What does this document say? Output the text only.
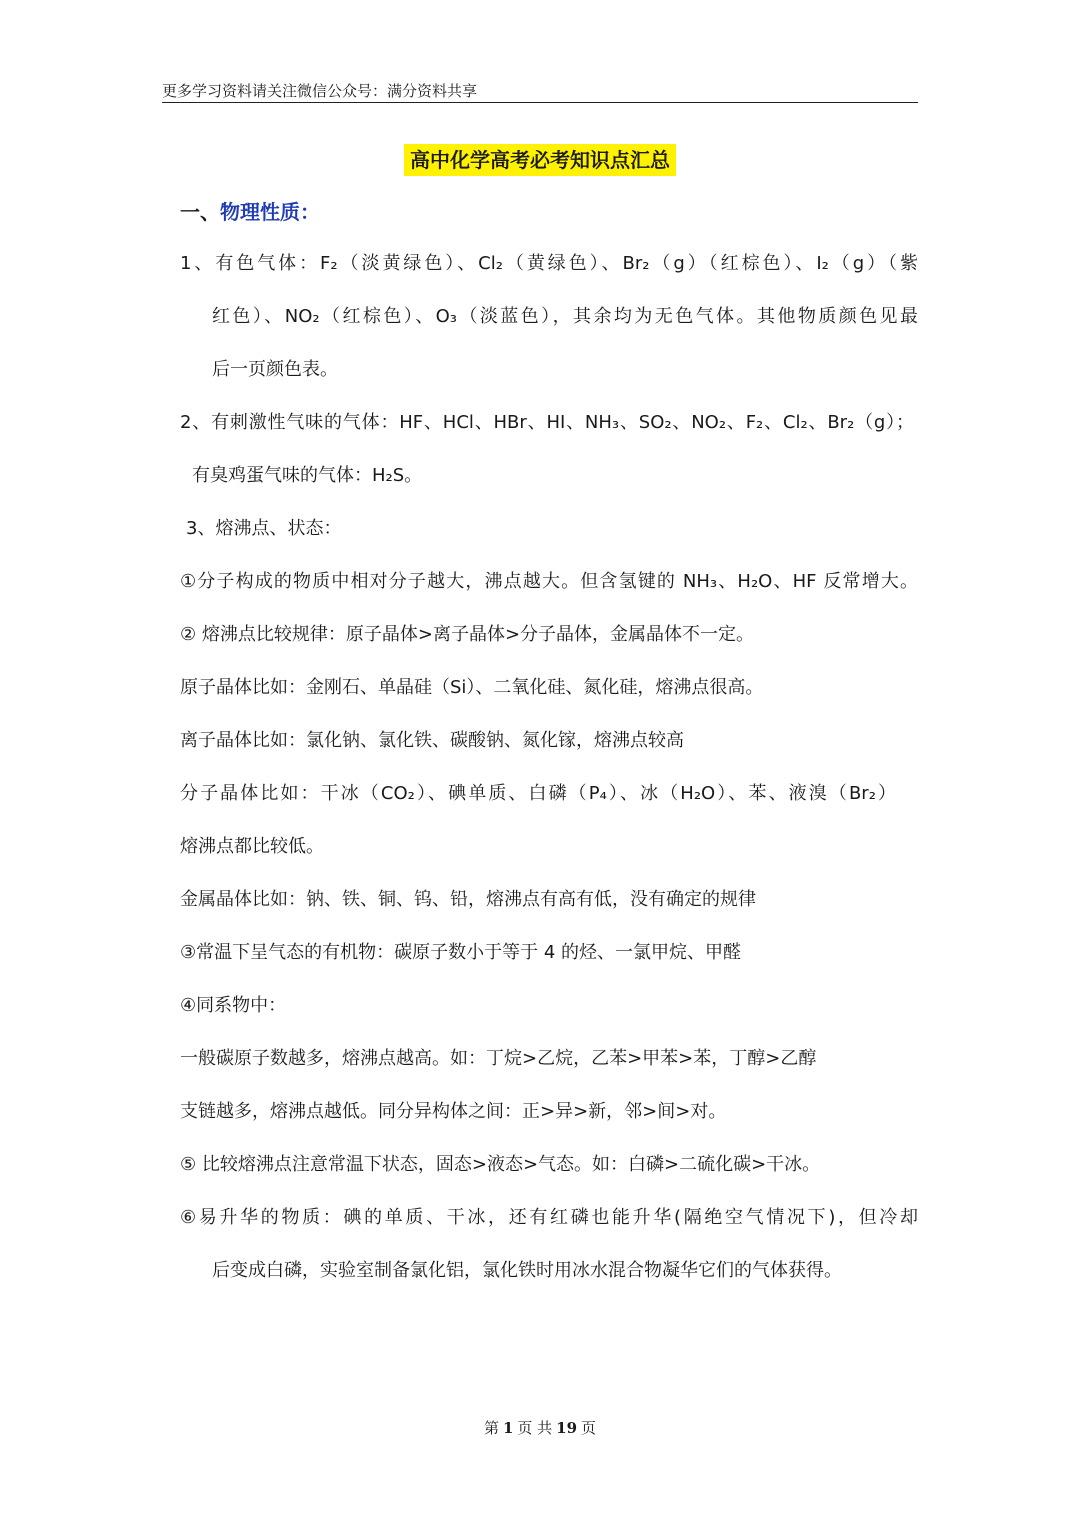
更多学习资料请关注微信公众号：满分资料共享
高中化学高考必考知识点汇总
一、物理性质：
1、有色气体：F₂（淡黄绿色）、Cl₂（黄绿色）、Br₂（g）（红棕色）、I₂（g）（紫
红色）、NO₂（红棕色）、O₃（淡蓝色），其余均为无色气体。其他物质颜色见最
后一页颜色表。
2、有刺激性气味的气体：HF、HCl、HBr、HI、NH₃、SO₂、NO₂、F₂、Cl₂、Br₂（g）；
有臭鸡蛋气味的气体：H₂S。
3、熔沸点、状态：
①分子构成的物质中相对分子越大，沸点越大。但含氢键的 NH₃、H₂O、HF 反常增大。
② 熔沸点比较规律：原子晶体>离子晶体>分子晶体，金属晶体不一定。
原子晶体比如：金刚石、单晶硅（Si）、二氧化硅、氮化硅，熔沸点很高。
离子晶体比如：氯化钠、氯化铁、碳酸钠、氮化镓，熔沸点较高
分子晶体比如：干冰（CO₂）、碘单质、白磷（P₄）、冰（H₂O）、苯、液溴（Br₂）
熔沸点都比较低。
金属晶体比如：钠、铁、铜、钨、铅，熔沸点有高有低，没有确定的规律
③常温下呈气态的有机物：碳原子数小于等于 4 的烃、一氯甲烷、甲醛
④同系物中：
一般碳原子数越多，熔沸点越高。如：丁烷>乙烷，乙苯>甲苯>苯，丁醇>乙醇
支链越多，熔沸点越低。同分异构体之间：正>异>新，邻>间>对。
⑤ 比较熔沸点注意常温下状态，固态>液态>气态。如：白磷>二硫化碳>干冰。
⑥易升华的物质：碘的单质、干冰，还有红磷也能升华(隔绝空气情况下)，但冷却
后变成白磷，实验室制备氯化铝，氯化铁时用冰水混合物凝华它们的气体获得。
第 1 页 共 19 页
